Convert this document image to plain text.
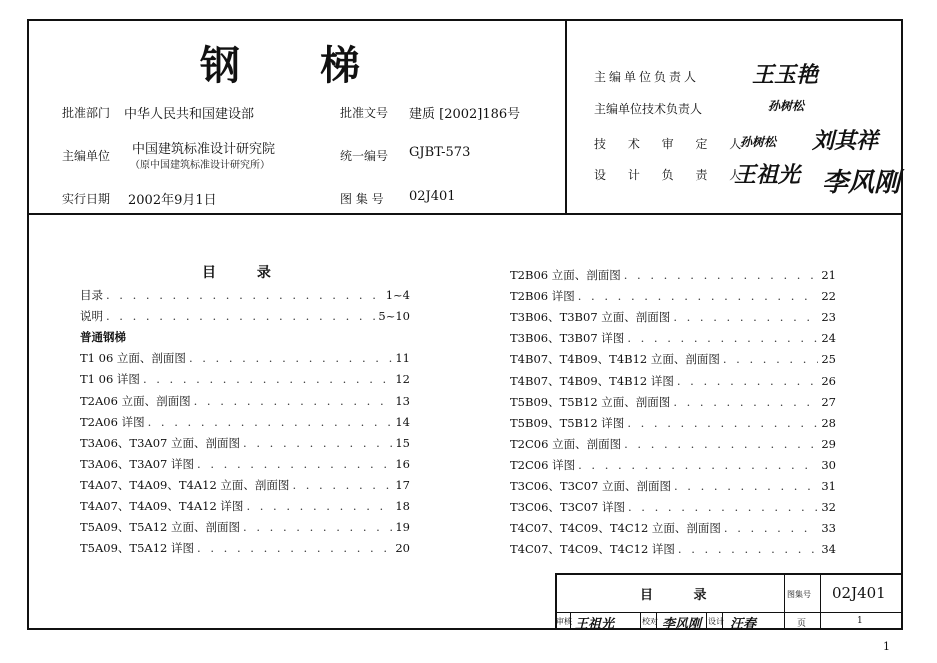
钢 梯
批准部门 中华人民共和国建设部	批准文号 建质 [2002]186号
主编单位 中国建筑标准设计研究院
（原中国建筑标准设计研究所）
统一编号 GJBT-573
实行日期 2002年9月1日	图 集 号 02J401
主编单位负责人 王玉艳
主编单位技术负责人	孙树松
技 术 审 定 人
孙树松 刘其祥
设 计 负 责 人
王祖光 李风刚
目 录
目录 . . .	1~4
说明 . . .	5~10
普通钢梯
T1 06 立面、剖面图 . . .	11
T1 06 详图 . . .	12
T2A06 立面、剖面图 . . .	13
T2A06 详图 . . .	14
T3A06、T3A07 立面、剖面图 . . .	15
T3A06、T3A07 详图 . . .	16
T4A07、T4A09、T4A12 立面、剖面图 . . .	17
T4A07、T4A09、T4A12 详图 . . .	18
T5A09、T5A12 立面、剖面图 . . .	19
T5A09、T5A12 详图 . . .	20
T2B06 立面、剖面图 . . .	21
T2B06 详图 . . .	22
T3B06、T3B07 立面、剖面图 . . .	23
T3B06、T3B07 详图 . . .	24
T4B07、T4B09、T4B12 立面、剖面图 . . .	25
T4B07、T4B09、T4B12 详图 . . .	26
T5B09、T5B12 立面、剖面图 . . .	27
T5B09、T5B12 详图 . . .	28
T2C06 立面、剖面图 . . .	29
T2C06 详图 . . .	30
T3C06、T3C07 立面、剖面图 . . .	31
T3C06、T3C07 详图 . . .	32
T4C07、T4C09、T4C12 立面、剖面图 . . .	33
T4C07、T4C09、T4C12 详图 . . .	34
目 录	图集号 02J401
审核 王祖光	校对 李风刚 设计 汪春	页	1
1
